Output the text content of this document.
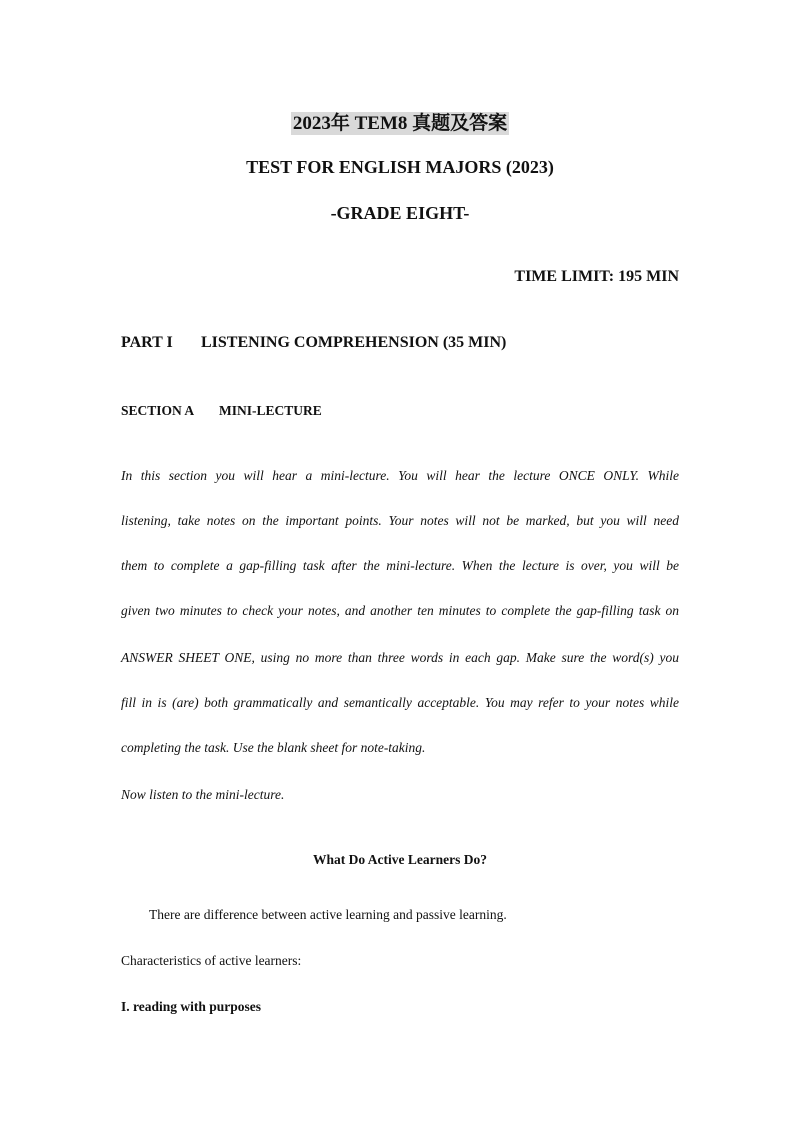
2023年 TEM8 真题及答案
TEST FOR ENGLISH MAJORS (2023)
-GRADE EIGHT-
TIME LIMIT: 195 MIN
PART I LISTENING COMPREHENSION (35 MIN)
SECTION A MINI-LECTURE
In this section you will hear a mini-lecture. You will hear the lecture ONCE ONLY. While
listening, take notes on the important points. Your notes will not be marked, but you will need
them to complete a gap-filling task after the mini-lecture. When the lecture is over, you will be
given two minutes to check your notes, and another ten minutes to complete the gap-filling task on
ANSWER SHEET ONE, using no more than three words in each gap. Make sure the word(s) you
fill in is (are) both grammatically and semantically acceptable. You may refer to your notes while
completing the task. Use the blank sheet for note-taking.
Now listen to the mini-lecture.
What Do Active Learners Do?
There are difference between active learning and passive learning.
Characteristics of active learners:
I. reading with purposes
